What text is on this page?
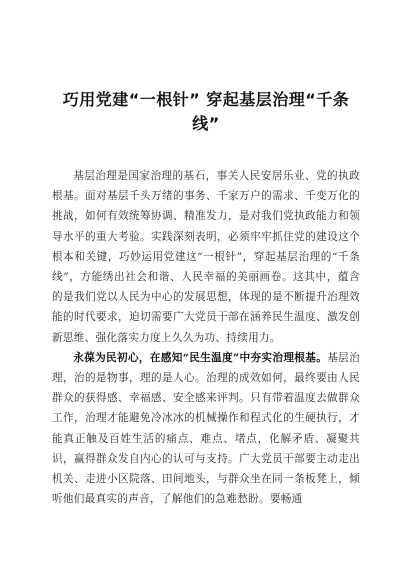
巧用党建“一根针” 穿起基层治理“千条线”

基层治理是国家治理的基石，事关人民安居乐业、党的执政根基。面对基层千头万绪的事务、千家万户的需求、千变万化的挑战，如何有效统筹协调、精准发力，是对我们党执政能力和领导水平的重大考验。实践深刻表明，必须牢牢抓住党的建设这个根本和关键，巧妙运用党建这“一根针”，穿起基层治理的“千条线”，方能绣出社会和谐、人民幸福的美丽画卷。这其中，蕴含的是我们党以人民为中心的发展思想，体现的是不断提升治理效能的时代要求，迫切需要广大党员干部在涵养民生温度、激发创新思维、强化落实力度上久久为功、持续用力。

永葆为民初心，在感知“民生温度”中夯实治理根基。基层治理，治的是物事，理的是人心。治理的成效如何，最终要由人民群众的获得感、幸福感、安全感来评判。只有带着温度去做群众工作，治理才能避免冷冰冰的机械操作和程式化的生硬执行，才能真正触及百姓生活的痛点、难点、堵点，化解矛盾、凝聚共识，赢得群众发自内心的认可与支持。广大党员干部要主动走出机关、走进小区院落、田间地头，与群众坐在同一条板凳上，倾听他们最真实的声音，了解他们的急难愁盼。要畅通
